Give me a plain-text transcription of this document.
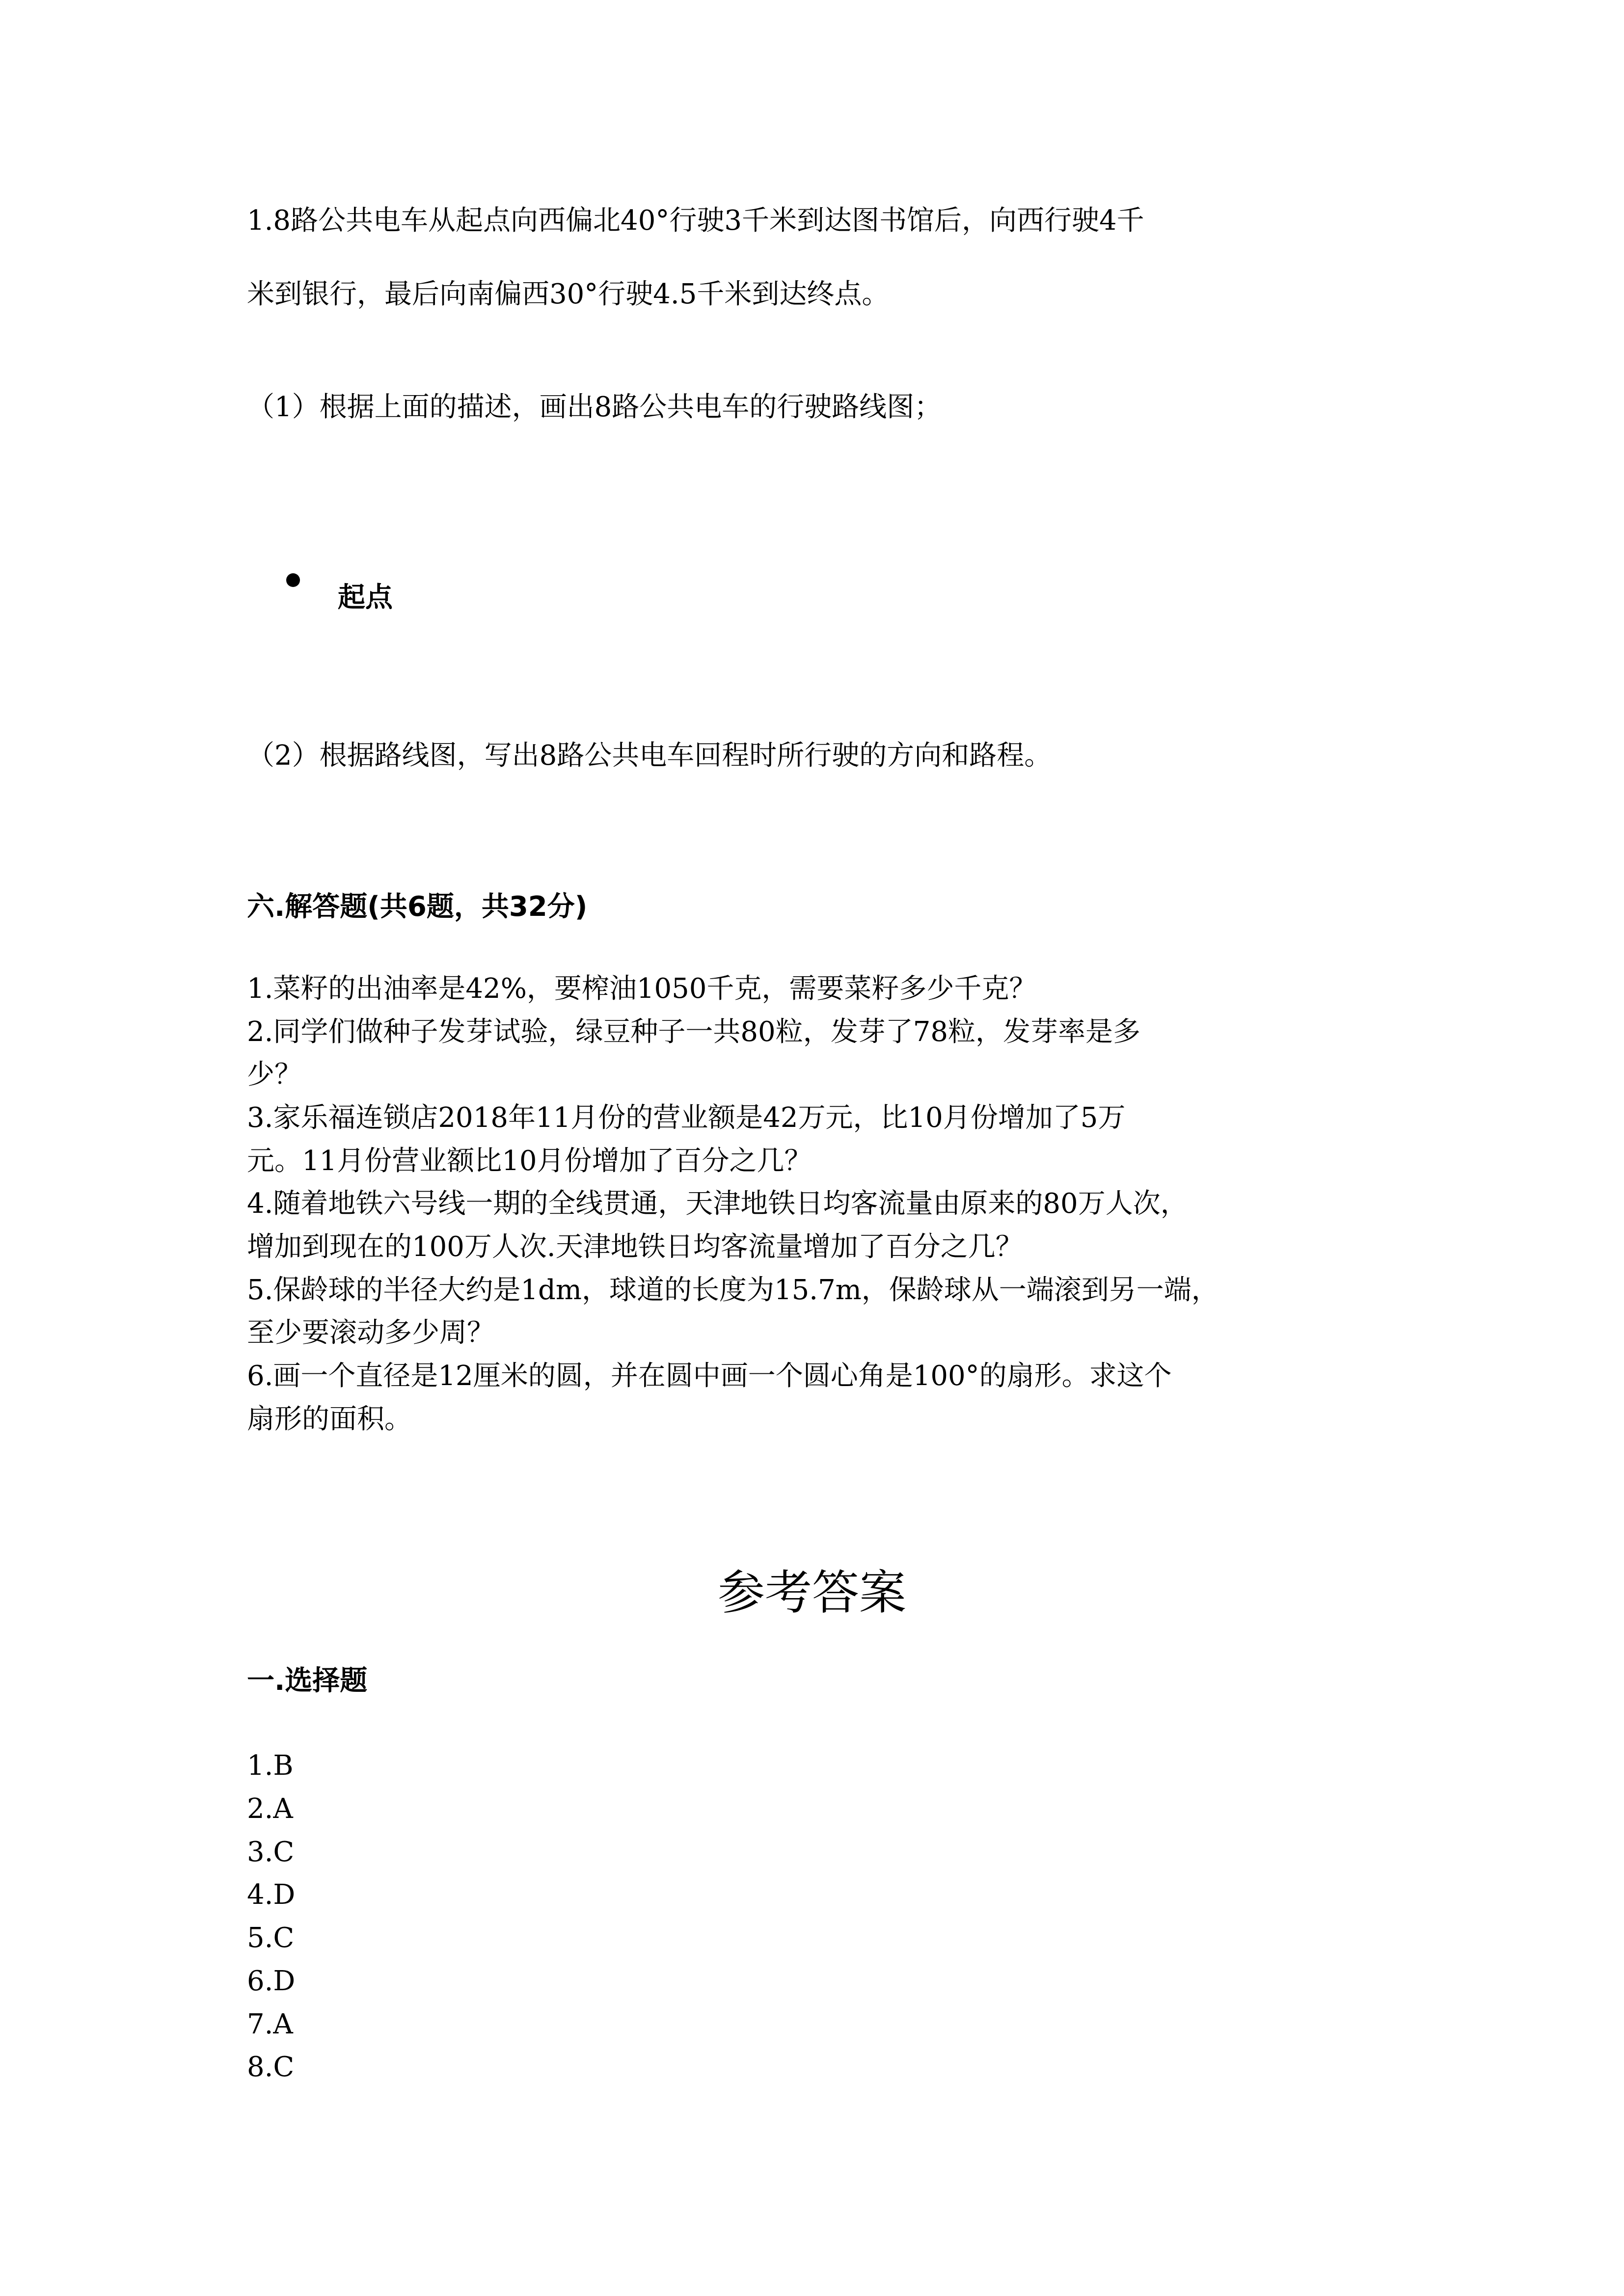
1.8路公共电车从起点向西偏北40°行驶3千米到达图书馆后，向西行驶4千
米到银行，最后向南偏西30°行驶4.5千米到达终点。
（1）根据上面的描述，画出8路公共电车的行驶路线图；
起点
（2）根据路线图，写出8路公共电车回程时所行驶的方向和路程。
六.解答题(共6题，共32分)
1.菜籽的出油率是42%，要榨油1050千克，需要菜籽多少千克？
2.同学们做种子发芽试验，绿豆种子一共80粒，发芽了78粒，发芽率是多
少？
3.家乐福连锁店2018年11月份的营业额是42万元，比10月份增加了5万
元。11月份营业额比10月份增加了百分之几？
4.随着地铁六号线一期的全线贯通，天津地铁日均客流量由原来的80万人次，
增加到现在的100万人次.天津地铁日均客流量增加了百分之几？
5.保龄球的半径大约是1dm，球道的长度为15.7m，保龄球从一端滚到另一端，
至少要滚动多少周？
6.画一个直径是12厘米的圆，并在圆中画一个圆心角是100°的扇形。求这个
扇形的面积。
参考答案
一.选择题
1.B
2.A
3.C
4.D
5.C
6.D
7.A
8.C
